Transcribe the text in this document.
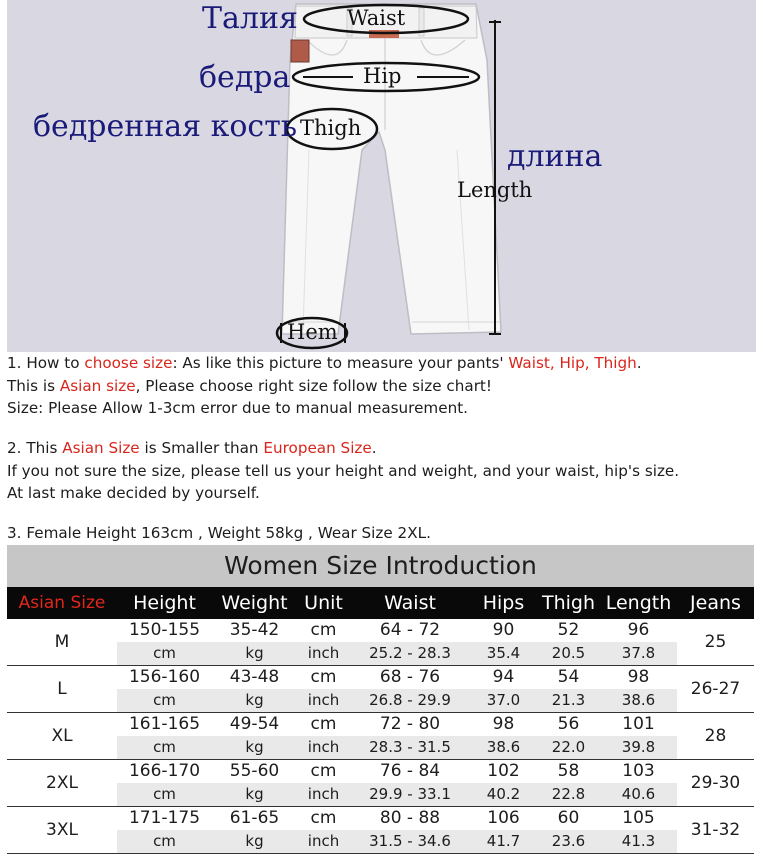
Талия
бедра
бедренная кость
длина
Waist
Hip
Thigh
Length
Hem

1. How to choose size: As like this picture to measure your pants' Waist, Hip, Thigh.

This is Asian size, Please choose right size follow the size chart!

Size: Please Allow 1-3cm error due to manual measurement.

2. This Asian Size is Smaller than European Size.

If you not sure the size, please tell us your height and weight, and your waist, hip's size.

At last make decided by yourself.

3. Female Height 163cm , Weight 58kg , Wear Size 2XL.

Women Size Introduction
Asian Size	Height	Weight Unit	Waist	Hips Thigh Length Jeans
M
150-155	35-42	cm	64 - 72	90	52	96
cm	kg	inch	25.2 - 28.3	35.4	20.5	37.8
25
L
156-160	43-48	cm	68 - 76	94	54	98
cm	kg	inch	26.8 - 29.9	37.0	21.3	38.6
26-27
XL
161-165	49-54	cm	72 - 80	98	56	101
cm	kg	inch	28.3 - 31.5	38.6	22.0	39.8
28
2XL
166-170	55-60	cm	76 - 84	102	58	103
cm	kg	inch	29.9 - 33.1	40.2	22.8	40.6
29-30
3XL
171-175	61-65	cm	80 - 88	106	60	105
cm	kg	inch	31.5 - 34.6	41.7	23.6	41.3
31-32
